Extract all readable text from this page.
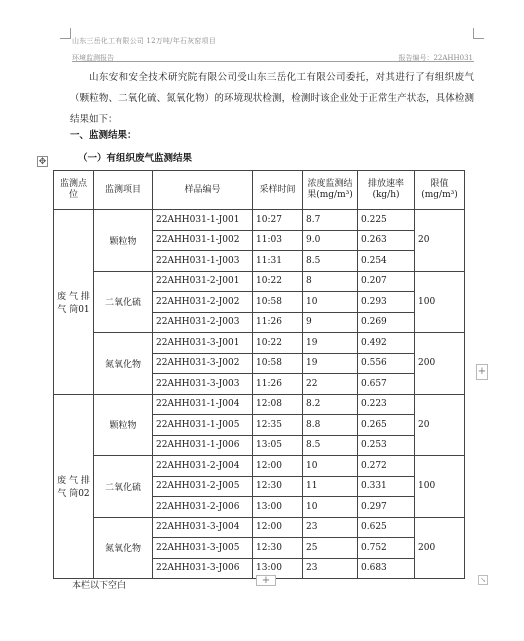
山东三岳化工有限公司 12万吨/年石灰窑项目
环境监测报告	报告编号：22AHH031
山东安和安全技术研究院有限公司受山东三岳化工有限公司委托，对其进行了有组织废气（颗粒物、二氧化硫、氮氧化物）的环境现状检测，检测时该企业处于正常生产状态，具体检测结果如下：
一、监测结果：
（一）有组织废气监测结果
✥
监测点位	监测项目	样品编号	采样时间	浓度监测结果(mg/m³)	排放速率(kg/h)	限值(mg/m³)
废 气 排 气 筒01	颗粒物	22AHH031-1-J001	10:27	8.7	0.225	20
		22AHH031-1-J002	11:03	9.0	0.263	
		22AHH031-1-J003	11:31	8.5	0.254	
	二氧化硫	22AHH031-2-J001	10:22	8	0.207	100
		22AHH031-2-J002	10:58	10	0.293	
		22AHH031-2-J003	11:26	9	0.269	
	氮氧化物	22AHH031-3-J001	10:22	19	0.492	200
		22AHH031-3-J002	10:58	19	0.556	
		22AHH031-3-J003	11:26	22	0.657	
废 气 排 气 筒02	颗粒物	22AHH031-1-J004	12:08	8.2	0.223	20
		22AHH031-1-J005	12:35	8.8	0.265	
		22AHH031-1-J006	13:05	8.5	0.253	
	二氧化硫	22AHH031-2-J004	12:00	10	0.272	100
		22AHH031-2-J005	12:30	11	0.331	
		22AHH031-2-J006	13:00	10	0.297	
	氮氧化物	22AHH031-3-J004	12:00	23	0.625	200
		22AHH031-3-J005	12:30	25	0.752	
		22AHH031-3-J006	13:00	23	0.683	
+
+	↘
本栏以下空白
